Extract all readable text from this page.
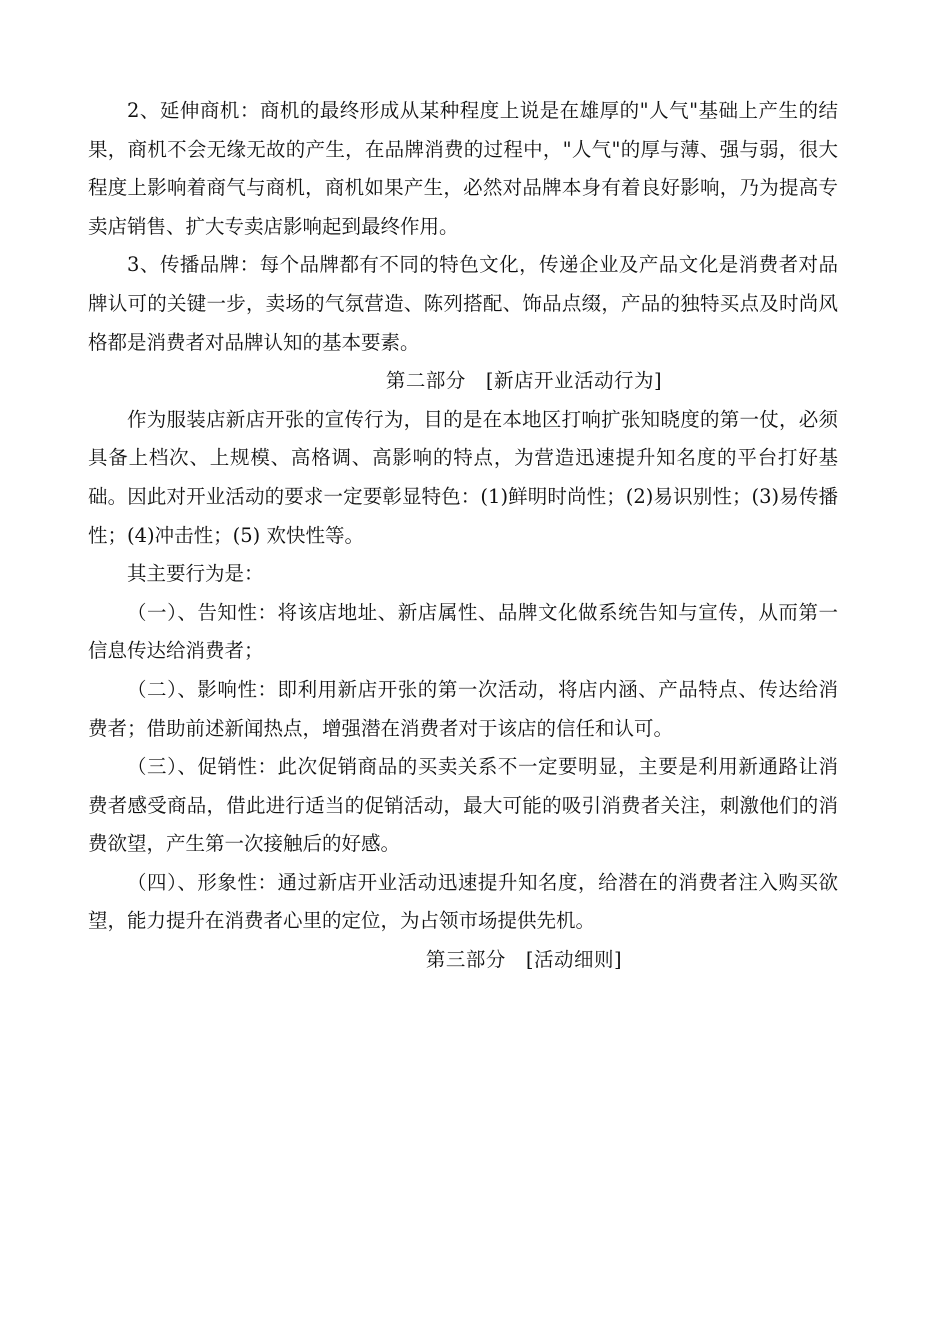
2、延伸商机：商机的最终形成从某种程度上说是在雄厚的"人气"基础上产生的结果，商机不会无缘无故的产生，在品牌消费的过程中，"人气"的厚与薄、强与弱，很大程度上影响着商气与商机，商机如果产生，必然对品牌本身有着良好影响，乃为提高专卖店销售、扩大专卖店影响起到最终作用。

3、传播品牌：每个品牌都有不同的特色文化，传递企业及产品文化是消费者对品牌认可的关键一步，卖场的气氛营造、陈列搭配、饰品点缀，产品的独特买点及时尚风格都是消费者对品牌认知的基本要素。

第二部分　[新店开业活动行为]

作为服装店新店开张的宣传行为，目的是在本地区打响扩张知晓度的第一仗，必须具备上档次、上规模、高格调、高影响的特点，为营造迅速提升知名度的平台打好基础。因此对开业活动的要求一定要彰显特色：(1)鲜明时尚性；(2)易识别性；(3)易传播性；(4)冲击性；(5) 欢快性等。

其主要行为是：

（一）、告知性：将该店地址、新店属性、品牌文化做系统告知与宣传，从而第一信息传达给消费者；

（二）、影响性：即利用新店开张的第一次活动，将店内涵、产品特点、传达给消费者；借助前述新闻热点，增强潜在消费者对于该店的信任和认可。

（三）、促销性：此次促销商品的买卖关系不一定要明显，主要是利用新通路让消费者感受商品，借此进行适当的促销活动，最大可能的吸引消费者关注，刺激他们的消费欲望，产生第一次接触后的好感。

（四）、形象性：通过新店开业活动迅速提升知名度，给潜在的消费者注入购买欲望，能力提升在消费者心里的定位，为占领市场提供先机。

第三部分　[活动细则]
